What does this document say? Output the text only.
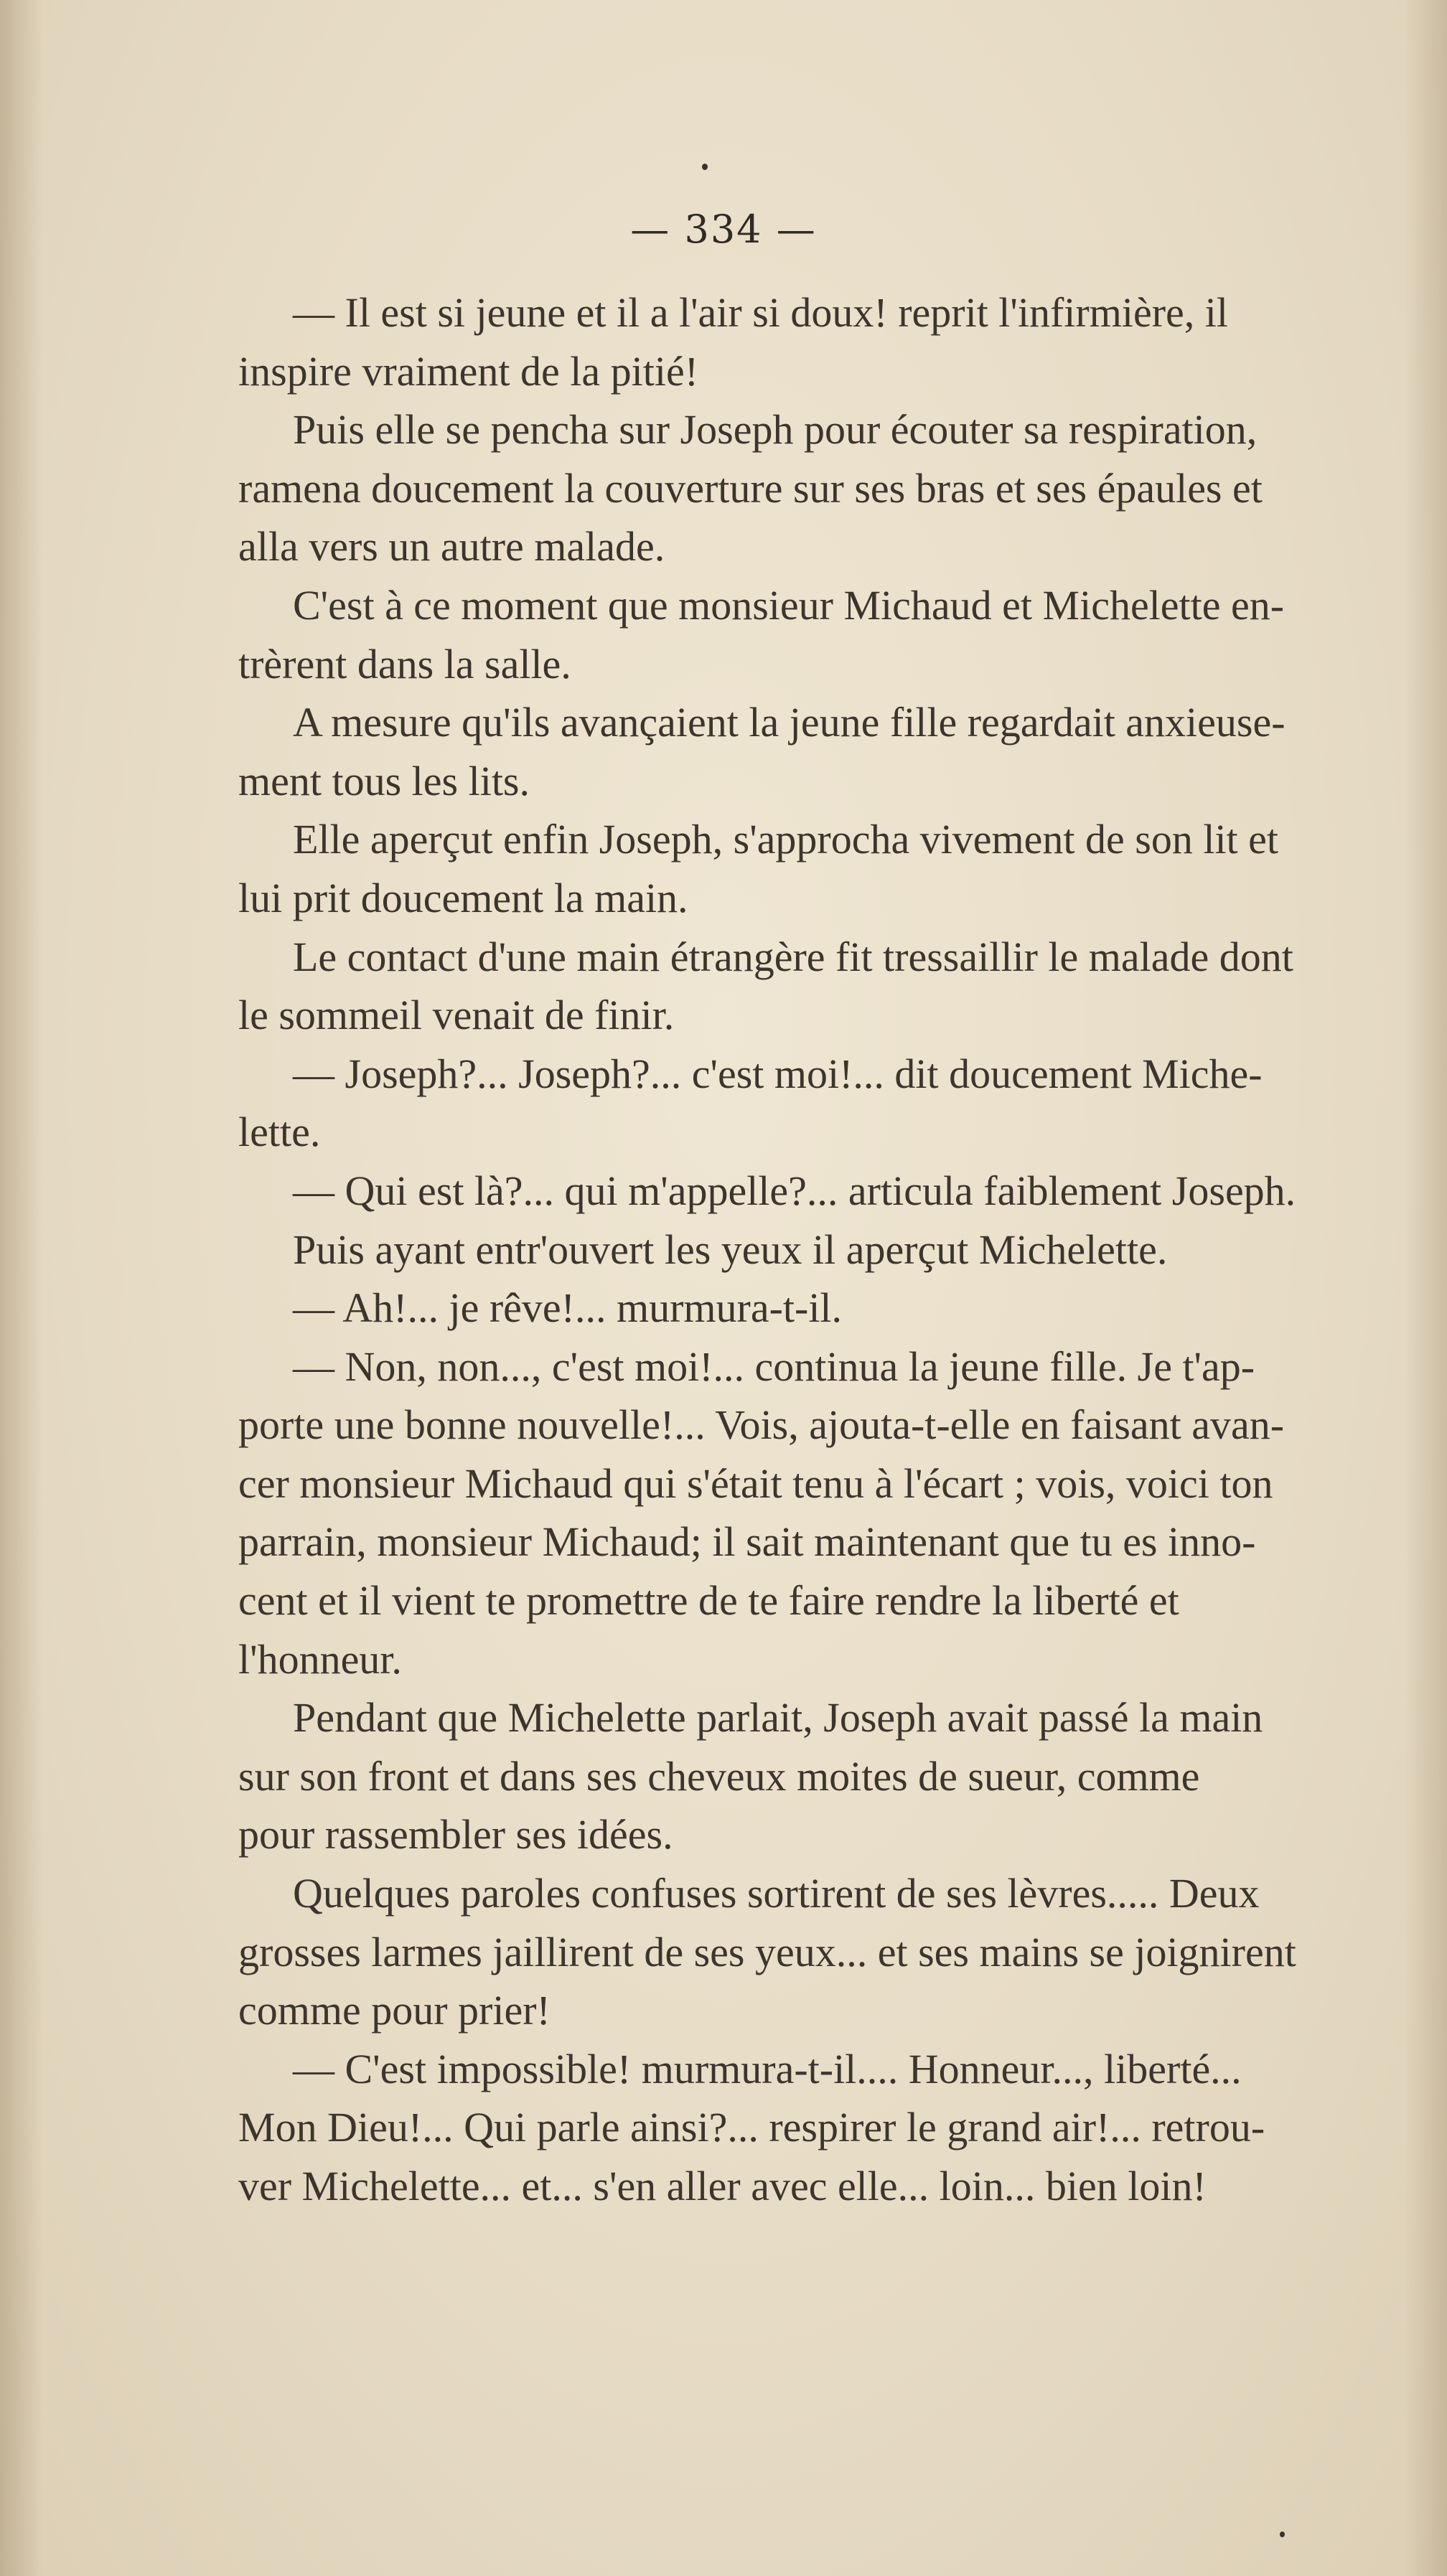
— 334 —
— Il est si jeune et il a l'air si doux! reprit l'infirmière, il
inspire vraiment de la pitié!
Puis elle se pencha sur Joseph pour écouter sa respiration,
ramena doucement la couverture sur ses bras et ses épaules et
alla vers un autre malade.
C'est à ce moment que monsieur Michaud et Michelette en-
trèrent dans la salle.
A mesure qu'ils avançaient la jeune fille regardait anxieuse-
ment tous les lits.
Elle aperçut enfin Joseph, s'approcha vivement de son lit et
lui prit doucement la main.
Le contact d'une main étrangère fit tressaillir le malade dont
le sommeil venait de finir.
— Joseph?... Joseph?... c'est moi!... dit doucement Miche-
lette.
— Qui est là?... qui m'appelle?... articula faiblement Joseph.
Puis ayant entr'ouvert les yeux il aperçut Michelette.
— Ah!... je rêve!... murmura-t-il.
— Non, non..., c'est moi!... continua la jeune fille. Je t'ap-
porte une bonne nouvelle!... Vois, ajouta-t-elle en faisant avan-
cer monsieur Michaud qui s'était tenu à l'écart ; vois, voici ton
parrain, monsieur Michaud; il sait maintenant que tu es inno-
cent et il vient te promettre de te faire rendre la liberté et
l'honneur.
Pendant que Michelette parlait, Joseph avait passé la main
sur son front et dans ses cheveux moites de sueur, comme
pour rassembler ses idées.
Quelques paroles confuses sortirent de ses lèvres..... Deux
grosses larmes jaillirent de ses yeux... et ses mains se joignirent
comme pour prier!
— C'est impossible! murmura-t-il.... Honneur..., liberté...
Mon Dieu!... Qui parle ainsi?... respirer le grand air!... retrou-
ver Michelette... et... s'en aller avec elle... loin... bien loin!
